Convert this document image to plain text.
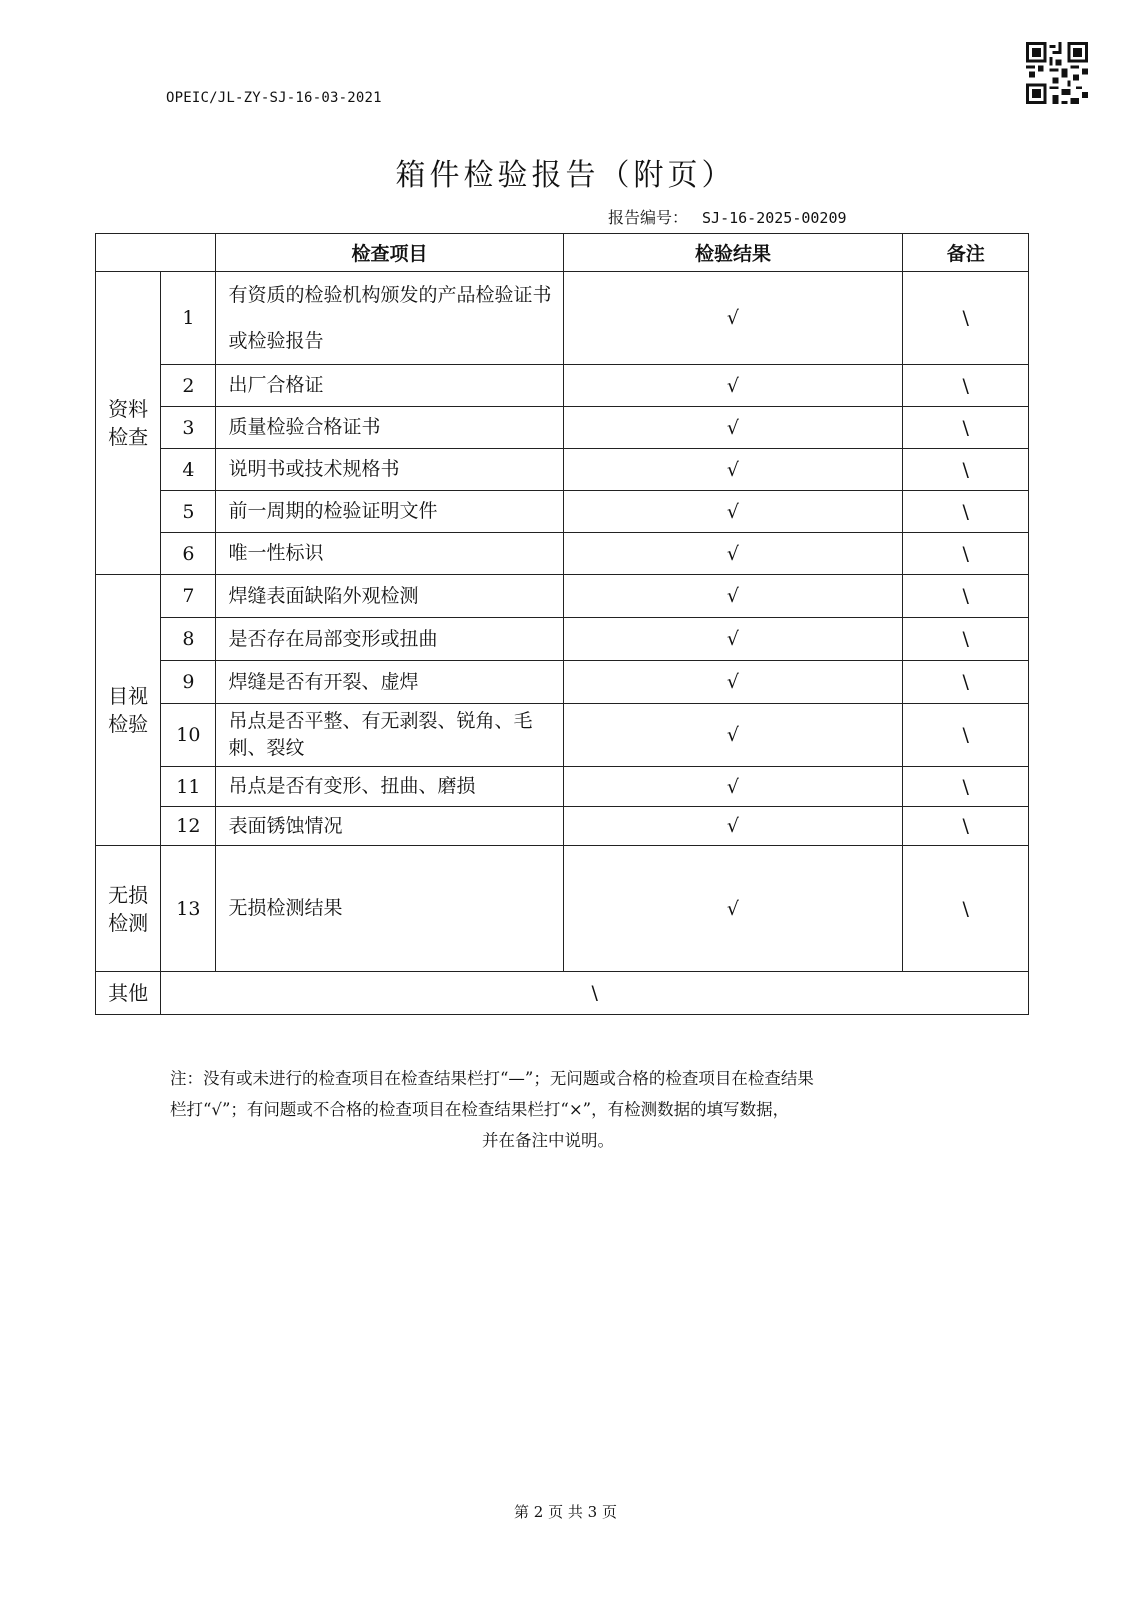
OPEIC/JL-ZY-SJ-16-03-2021
箱件检验报告（附页）
报告编号： SJ-16-2025-00209
		检查项目	检验结果	备注
资料检查	1	有资质的检验机构颁发的产品检验证书或检验报告	√	\
	2	出厂合格证	√	\
	3	质量检验合格证书	√	\
	4	说明书或技术规格书	√	\
	5	前一周期的检验证明文件	√	\
	6	唯一性标识	√	\
目视检验	7	焊缝表面缺陷外观检测	√	\
	8	是否存在局部变形或扭曲	√	\
	9	焊缝是否有开裂、虚焊	√	\
	10	吊点是否平整、有无剥裂、锐角、毛刺、裂纹	√	\
	11	吊点是否有变形、扭曲、磨损	√	\
	12	表面锈蚀情况	√	\
无损检测	13	无损检测结果	√	\
其他	\			
注：没有或未进行的检查项目在检查结果栏打“—”；无问题或合格的检查项目在检查结果
栏打“√”；有问题或不合格的检查项目在检查结果栏打“×”，有检测数据的填写数据，
并在备注中说明。
第 2 页 共 3 页
